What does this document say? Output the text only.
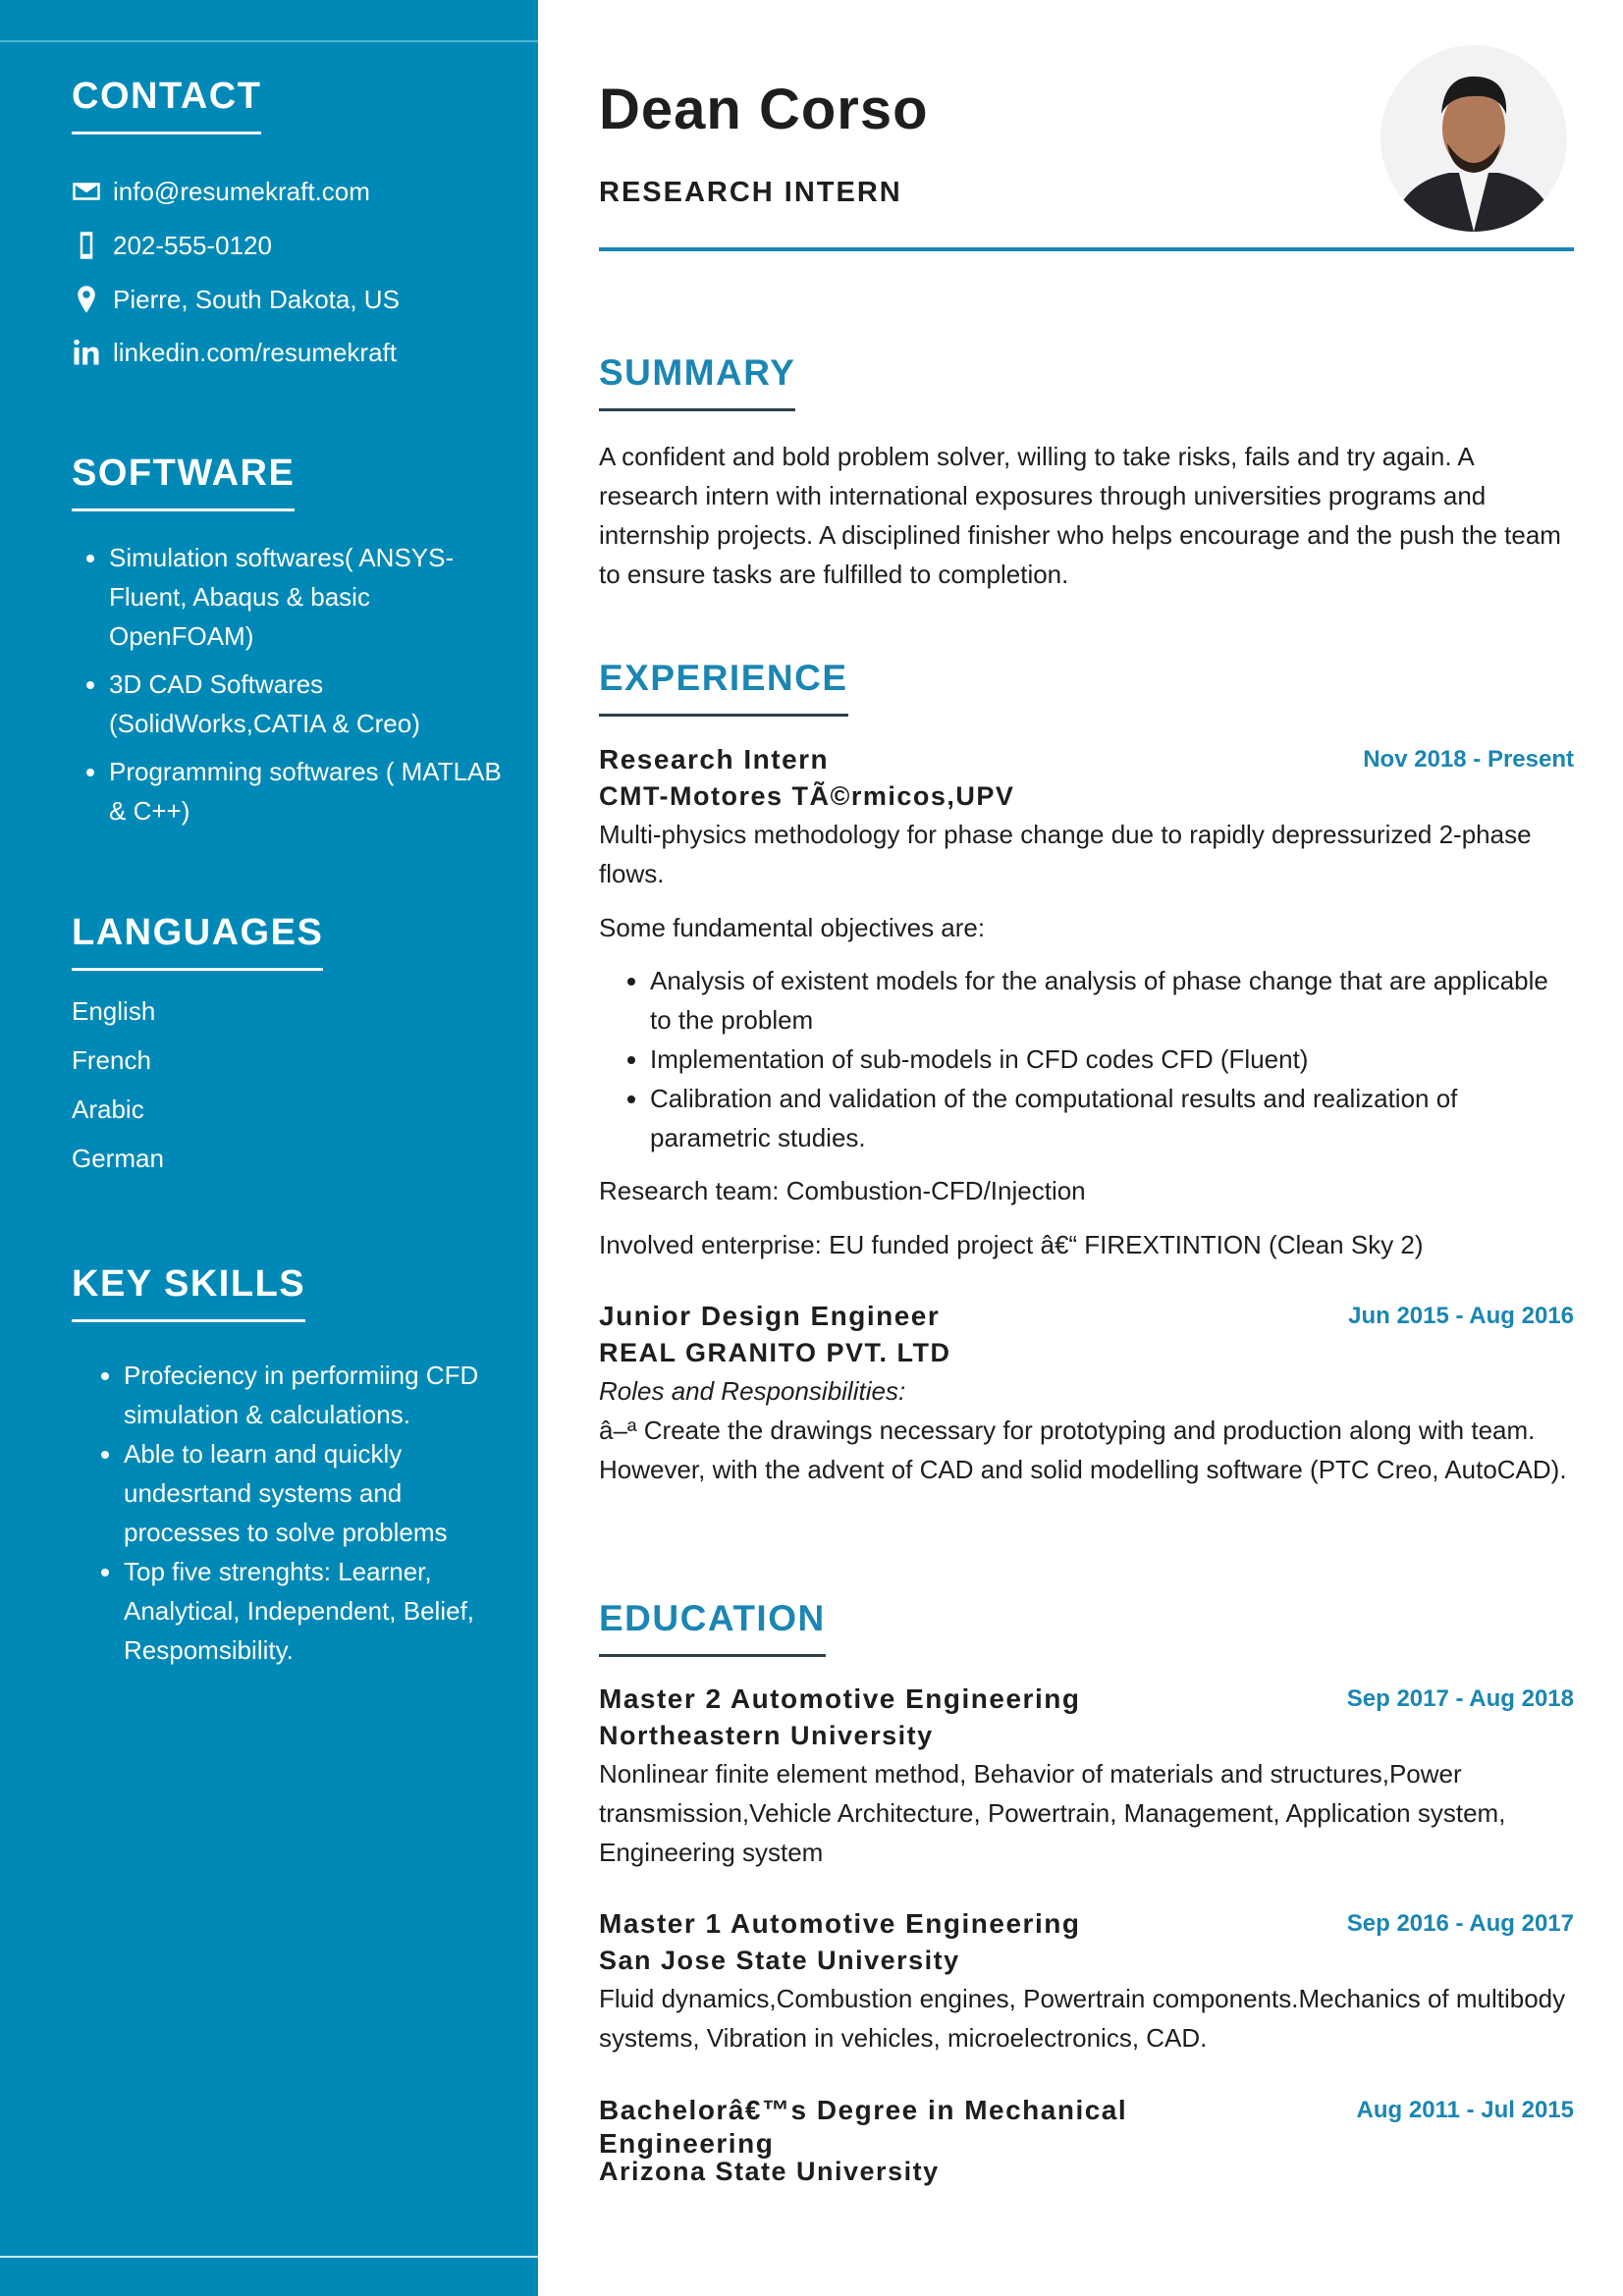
CONTACT
info@resumekraft.com
202-555-0120
Pierre, South Dakota, US
linkedin.com/resumekraft
SOFTWARE
• Simulation softwares( ANSYS-Fluent, Abaqus & basic OpenFOAM)
• 3D CAD Softwares (SolidWorks,CATIA & Creo)
• Programming softwares ( MATLAB & C++)
LANGUAGES
English
French
Arabic
German
KEY SKILLS
• Profeciency in performiing CFD simulation & calculations.
• Able to learn and quickly undesrtand systems and processes to solve problems
• Top five strenghts: Learner, Analytical, Independent, Belief, Respomsibility.
Dean Corso
RESEARCH INTERN
SUMMARY
A confident and bold problem solver, willing to take risks, fails and try again. A research intern with international exposures through universities programs and internship projects. A disciplined finisher who helps encourage and the push the team to ensure tasks are fulfilled to completion.
EXPERIENCE
Research Intern	Nov 2018 - Present
CMT-Motores TÃ©rmicos,UPV
Multi-physics methodology for phase change due to rapidly depressurized 2-phase flows.
Some fundamental objectives are:
• Analysis of existent models for the analysis of phase change that are applicable to the problem
• Implementation of sub-models in CFD codes CFD (Fluent)
• Calibration and validation of the computational results and realization of parametric studies.
Research team: Combustion-CFD/Injection
Involved enterprise: EU funded project â€“ FIREXTINTION (Clean Sky 2)
Junior Design Engineer	Jun 2015 - Aug 2016
REAL GRANITO PVT. LTD
Roles and Responsibilities:
â–ª Create the drawings necessary for prototyping and production along with team. However, with the advent of CAD and solid modelling software (PTC Creo, AutoCAD).
EDUCATION
Master 2 Automotive Engineering	Sep 2017 - Aug 2018
Northeastern University
Nonlinear finite element method, Behavior of materials and structures,Power transmission,Vehicle Architecture, Powertrain, Management, Application system, Engineering system
Master 1 Automotive Engineering	Sep 2016 - Aug 2017
San Jose State University
Fluid dynamics,Combustion engines, Powertrain components.Mechanics of multibody systems, Vibration in vehicles, microelectronics, CAD.
Bachelorâ€™s Degree in Mechanical Engineering
Aug 2011 - Jul 2015
Arizona State University
